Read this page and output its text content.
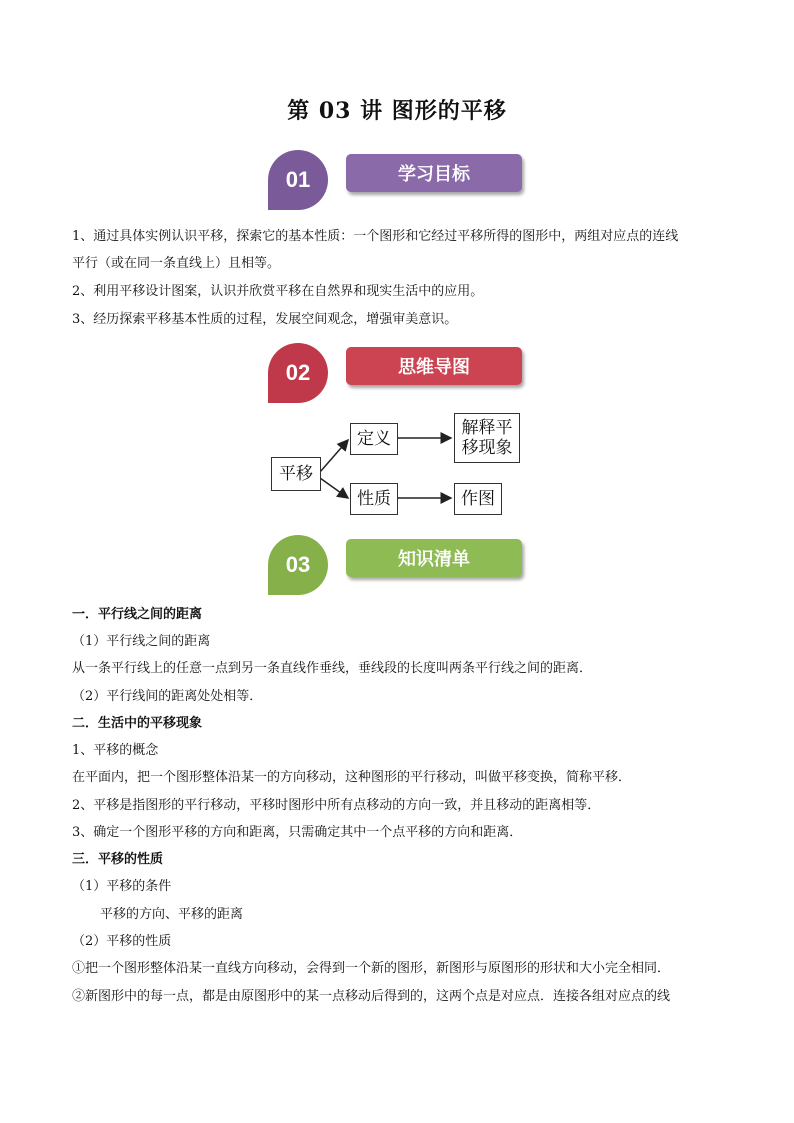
第 03 讲 图形的平移
01	学习目标
1、通过具体实例认识平移，探索它的基本性质：一个图形和它经过平移所得的图形中，两组对应点的连线
平行（或在同一条直线上）且相等。
2、利用平移设计图案，认识并欣赏平移在自然界和现实生活中的应用。
3、经历探索平移基本性质的过程，发展空间观念，增强审美意识。
02	思维导图
平移
定义
性质
解释平
移现象
作图
03	知识清单
一．平行线之间的距离
（1）平行线之间的距离
从一条平行线上的任意一点到另一条直线作垂线，垂线段的长度叫两条平行线之间的距离．
（2）平行线间的距离处处相等．
二．生活中的平移现象
1、平移的概念
在平面内，把一个图形整体沿某一的方向移动，这种图形的平行移动，叫做平移变换，简称平移．
2、平移是指图形的平行移动，平移时图形中所有点移动的方向一致，并且移动的距离相等．
3、确定一个图形平移的方向和距离，只需确定其中一个点平移的方向和距离．
三．平移的性质
（1）平移的条件
平移的方向、平移的距离
（2）平移的性质
①把一个图形整体沿某一直线方向移动，会得到一个新的图形，新图形与原图形的形状和大小完全相同．
②新图形中的每一点，都是由原图形中的某一点移动后得到的，这两个点是对应点．连接各组对应点的线
